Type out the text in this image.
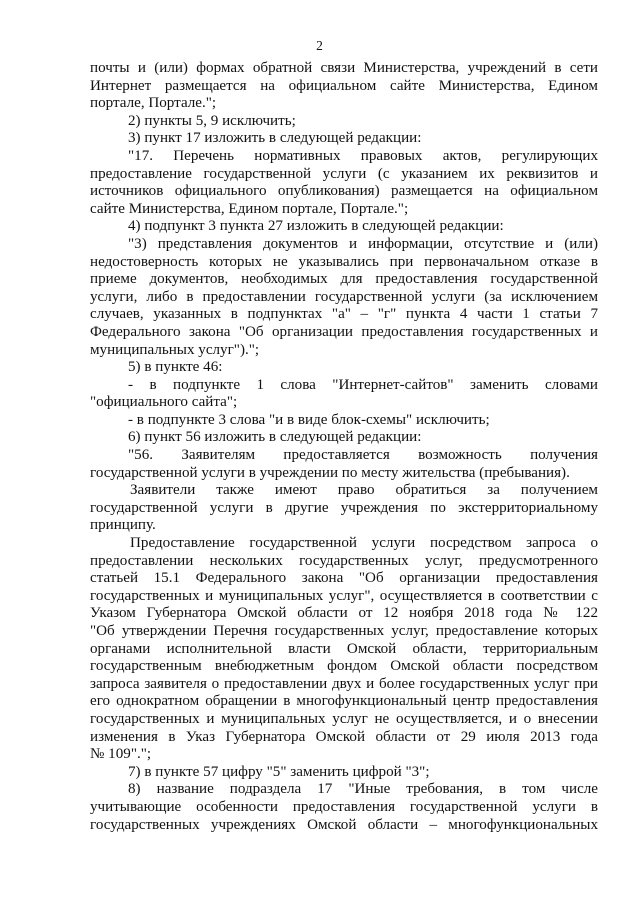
2
почты и (или) формах обратной связи Министерства, учреждений в сети
Интернет размещается на официальном сайте Министерства, Едином
портале, Портале.";
2) пункты 5, 9 исключить;
3) пункт 17 изложить в следующей редакции:
"17. Перечень нормативных правовых актов, регулирующих
предоставление государственной услуги (с указанием их реквизитов и
источников официального опубликования) размещается на официальном
сайте Министерства, Едином портале, Портале.";
4) подпункт 3 пункта 27 изложить в следующей редакции:
"3) представления документов и информации, отсутствие и (или)
недостоверность которых не указывались при первоначальном отказе в
приеме документов, необходимых для предоставления государственной
услуги, либо в предоставлении государственной услуги (за исключением
случаев, указанных в подпунктах "а" – "г" пункта 4 части 1 статьи 7
Федерального закона "Об организации предоставления государственных и
муниципальных услуг").";
5) в пункте 46:
- в подпункте 1 слова "Интернет-сайтов" заменить словами
"официального сайта";
- в подпункте 3 слова "и в виде блок-схемы" исключить;
6) пункт 56 изложить в следующей редакции:
"56. Заявителям предоставляется возможность получения
государственной услуги в учреждении по месту жительства (пребывания).
Заявители также имеют право обратиться за получением
государственной услуги в другие учреждения по экстерриториальному
принципу.
Предоставление государственной услуги посредством запроса о
предоставлении нескольких государственных услуг, предусмотренного
статьей 15.1 Федерального закона "Об организации предоставления
государственных и муниципальных услуг", осуществляется в соответствии с
Указом Губернатора Омской области от 12 ноября 2018 года № 122
"Об утверждении Перечня государственных услуг, предоставление которых
органами исполнительной власти Омской области, территориальным
государственным внебюджетным фондом Омской области посредством
запроса заявителя о предоставлении двух и более государственных услуг при
его однократном обращении в многофункциональный центр предоставления
государственных и муниципальных услуг не осуществляется, и о внесении
изменения в Указ Губернатора Омской области от 29 июля 2013 года
№ 109".";
7) в пункте 57 цифру "5" заменить цифрой "3";
8) название подраздела 17 "Иные требования, в том числе
учитывающие особенности предоставления государственной услуги в
государственных учреждениях Омской области – многофункциональных
